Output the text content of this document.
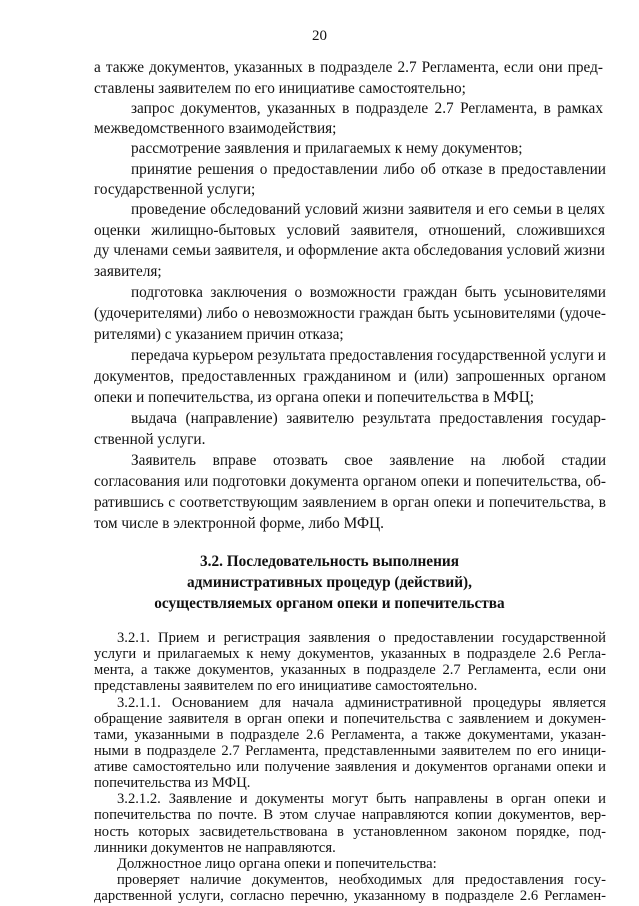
20
а также документов, указанных в подразделе 2.7 Регламента, если они пред-
ставлены заявителем по его инициативе самостоятельно;
запрос документов, указанных в подразделе 2.7 Регламента, в рамках
межведомственного взаимодействия;
рассмотрение заявления и прилагаемых к нему документов;
принятие решения о предоставлении либо об отказе в предоставлении
государственной услуги;
проведение обследований условий жизни заявителя и его семьи в целях
оценки жилищно-бытовых условий заявителя, отношений, сложившихся
ду членами семьи заявителя, и оформление акта обследования условий жизни
заявителя;
подготовка заключения о возможности граждан быть усыновителями
(удочерителями) либо о невозможности граждан быть усыновителями (удоче-
рителями) с указанием причин отказа;
передача курьером результата предоставления государственной услуги и
документов, предоставленных гражданином и (или) запрошенных органом
опеки и попечительства, из органа опеки и попечительства в МФЦ;
выдача (направление) заявителю результата предоставления государ-
ственной услуги.
Заявитель вправе отозвать свое заявление на любой стадии
согласования или подготовки документа органом опеки и попечительства, об-
ратившись с соответствующим заявлением в орган опеки и попечительства, в
том числе в электронной форме, либо МФЦ.
3.2. Последовательность выполнения
административных процедур (действий),
осуществляемых органом опеки и попечительства
3.2.1. Прием и регистрация заявления о предоставлении государственной
услуги и прилагаемых к нему документов, указанных в подразделе 2.6 Регла-
мента, а также документов, указанных в подразделе 2.7 Регламента, если они
представлены заявителем по его инициативе самостоятельно.
3.2.1.1. Основанием для начала административной процедуры является
обращение заявителя в орган опеки и попечительства с заявлением и докумен-
тами, указанными в подразделе 2.6 Регламента, а также документами, указан-
ными в подразделе 2.7 Регламента, представленными заявителем по его иници-
ативе самостоятельно или получение заявления и документов органами опеки и
попечительства из МФЦ.
3.2.1.2. Заявление и документы могут быть направлены в орган опеки и
попечительства по почте. В этом случае направляются копии документов, вер-
ность которых засвидетельствована в установленном законом порядке, под-
линники документов не направляются.
Должностное лицо органа опеки и попечительства:
проверяет наличие документов, необходимых для предоставления госу-
дарственной услуги, согласно перечню, указанному в подразделе 2.6 Регламен-
